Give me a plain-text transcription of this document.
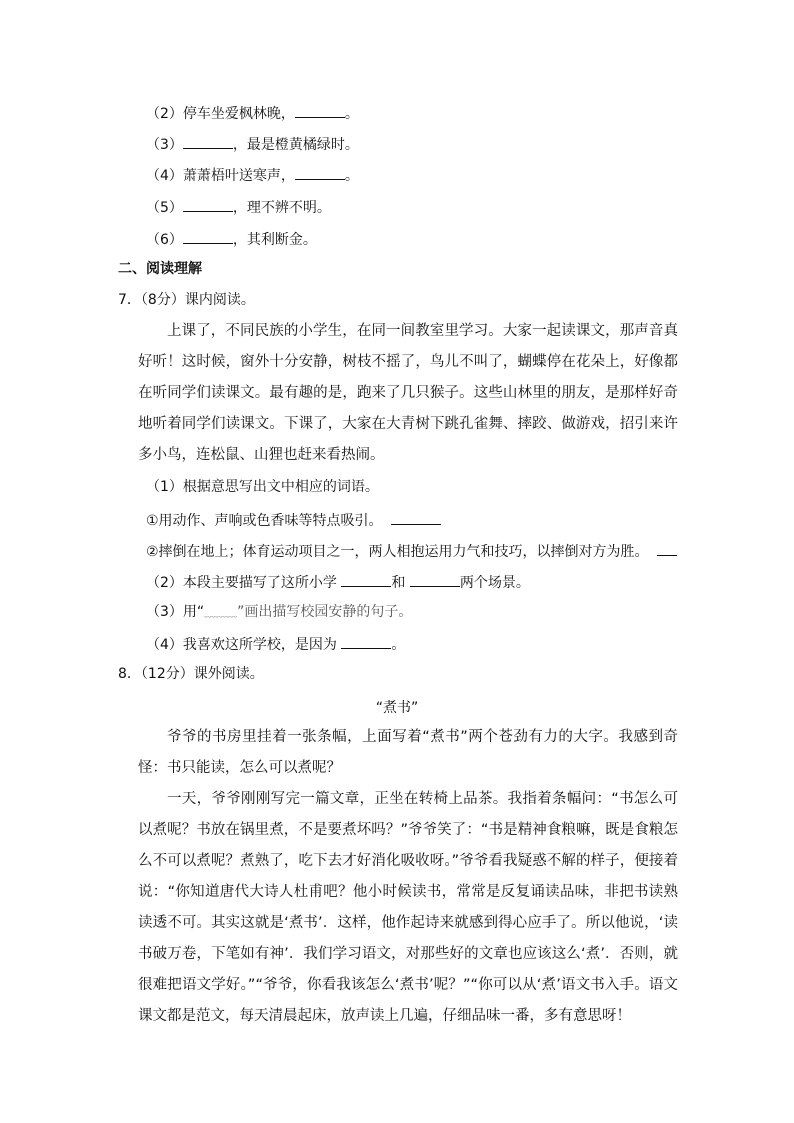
（2）停车坐爱枫林晚，	。
（3）	，最是橙黄橘绿时。
（4）萧萧梧叶送寒声，	。
（5）	，理不辨不明。
（6）	，其利断金。
二、阅读理解
7．（8分）课内阅读。
上课了，不同民族的小学生，在同一间教室里学习。大家一起读课文，那声音真好听！这时候，窗外十分安静，树枝不摇了，鸟儿不叫了，蝴蝶停在花朵上，好像都在听同学们读课文。最有趣的是，跑来了几只猴子。这些山林里的朋友，是那样好奇地听着同学们读课文。下课了，大家在大青树下跳孔雀舞、摔跤、做游戏，招引来许多小鸟，连松鼠、山狸也赶来看热闹。
（1）根据意思写出文中相应的词语。
①用动作、声响或色香味等特点吸引。
②摔倒在地上；体育运动项目之一，两人相抱运用力气和技巧，以摔倒对方为胜。
（2）本段主要描写了这所小学	和	两个场景。
（3）用“﹏﹏﹏”画出描写校园安静的句子。
（4）我喜欢这所学校，是因为	。
8．（12分）课外阅读。
“煮书”
爷爷的书房里挂着一张条幅，上面写着“煮书”两个苍劲有力的大字。我感到奇怪：书只能读，怎么可以煮呢？
一天，爷爷刚刚写完一篇文章，正坐在转椅上品茶。我指着条幅问：“书怎么可以煮呢？书放在锅里煮，不是要煮坏吗？”爷爷笑了：“书是精神食粮嘛，既是食粮怎么不可以煮呢？煮熟了，吃下去才好消化吸收呀。”爷爷看我疑惑不解的样子，便接着说：“你知道唐代大诗人杜甫吧？他小时候读书，常常是反复诵读品味，非把书读熟读透不可。其实这就是‘煮书’．这样，他作起诗来就感到得心应手了。所以他说，‘读书破万卷，下笔如有神’．我们学习语文，对那些好的文章也应该这么‘煮’．否则，就很难把语文学好。”“爷爷，你看我该怎么‘煮书’呢？”“你可以从‘煮’语文书入手。语文课文都是范文，每天清晨起床，放声读上几遍，仔细品味一番，多有意思呀！
